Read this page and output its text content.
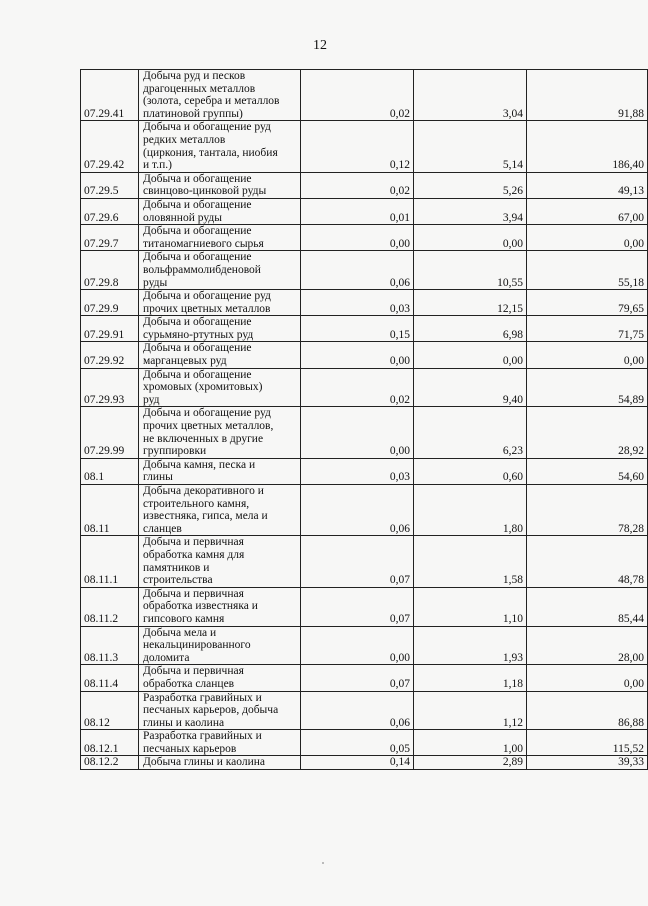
12
07.29.41	Добыча руд и песков
драгоценных металлов
(золота, серебра и металлов
платиновой группы)	0,02	3,04	91,88
07.29.42	Добыча и обогащение руд
редких металлов
(циркония, тантала, ниобия
и т.п.)	0,12	5,14	186,40
07.29.5	Добыча и обогащение
свинцово-цинковой руды	0,02	5,26	49,13
07.29.6	Добыча и обогащение
оловянной руды	0,01	3,94	67,00
07.29.7	Добыча и обогащение
титаномагниевого сырья	0,00	0,00	0,00
07.29.8	Добыча и обогащение
вольфраммолибденовой
руды	0,06	10,55	55,18
07.29.9	Добыча и обогащение руд
прочих цветных металлов	0,03	12,15	79,65
07.29.91	Добыча и обогащение
сурьмяно-ртутных руд	0,15	6,98	71,75
07.29.92	Добыча и обогащение
марганцевых руд	0,00	0,00	0,00
07.29.93	Добыча и обогащение
хромовых (хромитовых)
руд	0,02	9,40	54,89
07.29.99	Добыча и обогащение руд
прочих цветных металлов,
не включенных в другие
группировки	0,00	6,23	28,92
08.1	Добыча камня, песка и
глины	0,03	0,60	54,60
08.11	Добыча декоративного и
строительного камня,
известняка, гипса, мела и
сланцев	0,06	1,80	78,28
08.11.1	Добыча и первичная
обработка камня для
памятников и
строительства	0,07	1,58	48,78
08.11.2	Добыча и первичная
обработка известняка и
гипсового камня	0,07	1,10	85,44
08.11.3	Добыча мела и
некальцинированного
доломита	0,00	1,93	28,00
08.11.4	Добыча и первичная
обработка сланцев	0,07	1,18	0,00
08.12	Разработка гравийных и
песчаных карьеров, добыча
глины и каолина	0,06	1,12	86,88
08.12.1	Разработка гравийных и
песчаных карьеров	0,05	1,00	115,52
08.12.2	Добыча глины и каолина	0,14	2,89	39,33
